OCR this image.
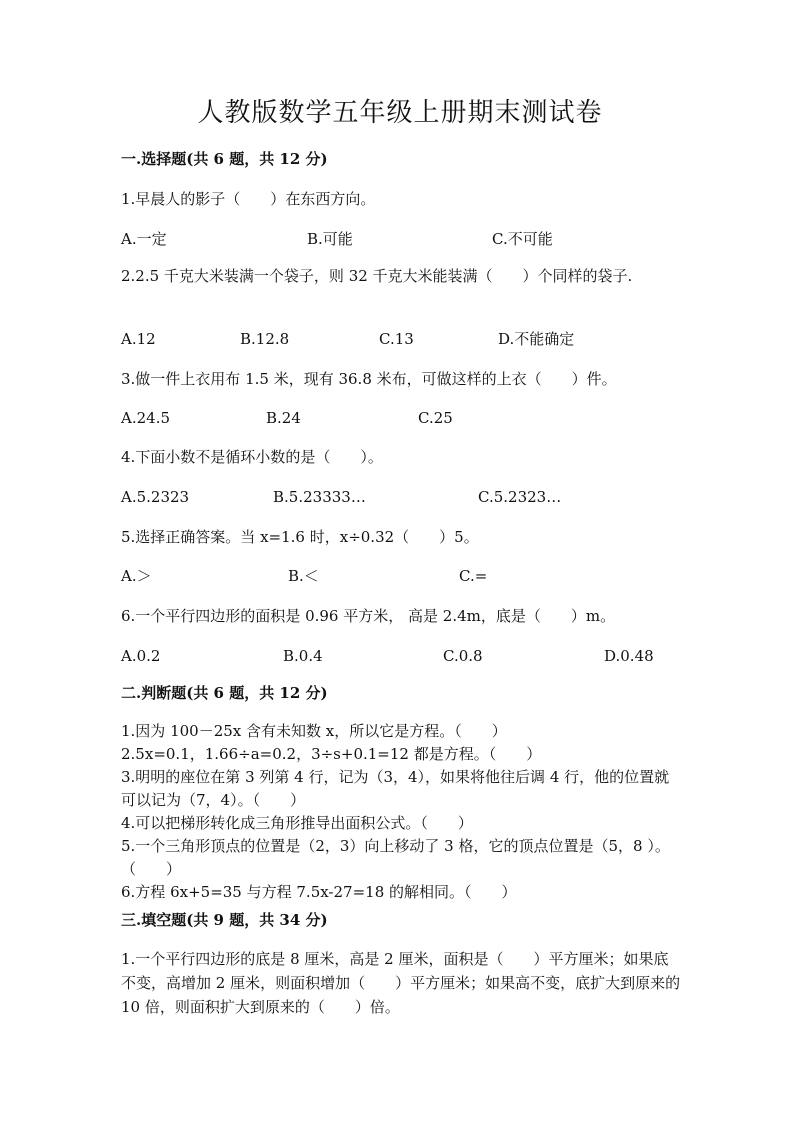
人教版数学五年级上册期末测试卷
一.选择题(共 6 题，共 12 分)
1.早晨人的影子（　　）在东西方向。
A.一定	B.可能	C.不可能
2.2.5 千克大米装满一个袋子，则 32 千克大米能装满（　　）个同样的袋子.
A.12	B.12.8	C.13	D.不能确定
3.做一件上衣用布 1.5 米，现有 36.8 米布，可做这样的上衣（　　）件。
A.24.5	B.24	C.25
4.下面小数不是循环小数的是（　　）。
A.5.2323	B.5.23333…	C.5.2323…
5.选择正确答案。当 x=1.6 时，x÷0.32（　　）5。
A.＞	B.＜	C.=
6.一个平行四边形的面积是 0.96 平方米， 高是 2.4m，底是（　　）m。
A.0.2	B.0.4	C.0.8	D.0.48
二.判断题(共 6 题，共 12 分)
1.因为 100－25x 含有未知数 x，所以它是方程。（　　）
2.5x=0.1，1.66÷a=0.2，3÷s+0.1=12 都是方程。（　　）
3.明明的座位在第 3 列第 4 行，记为（3，4），如果将他往后调 4 行，他的位置就可以记为（7，4）。（　　）
4.可以把梯形转化成三角形推导出面积公式。（　　）
5.一个三角形顶点的位置是（2，3）向上移动了 3 格，它的顶点位置是（5，8 ）。（　　）
6.方程 6x+5=35 与方程 7.5x-27=18 的解相同。（　　）
三.填空题(共 9 题，共 34 分)
1.一个平行四边形的底是 8 厘米，高是 2 厘米，面积是（　　）平方厘米；如果底不变，高增加 2 厘米，则面积增加（　　）平方厘米；如果高不变，底扩大到原来的 10 倍，则面积扩大到原来的（　　）倍。
